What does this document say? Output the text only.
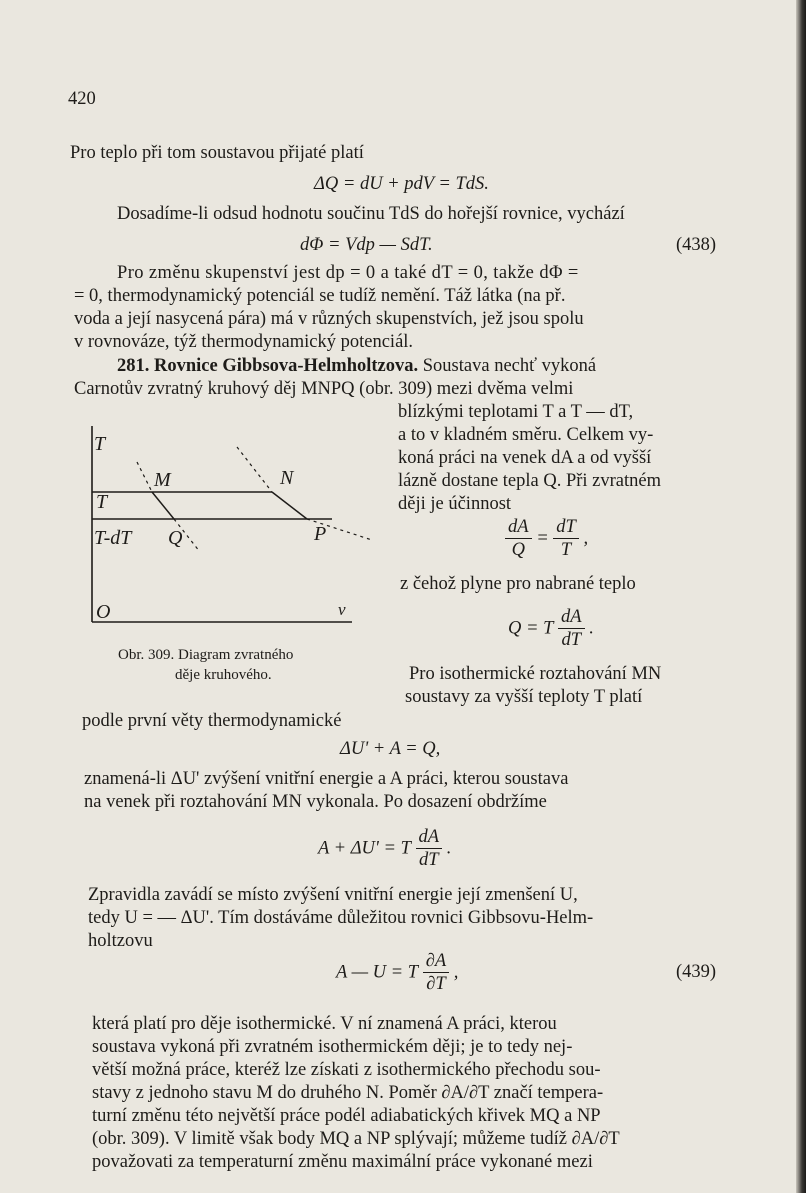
420
Pro teplo při tom soustavou přijaté platí
ΔQ = dU + pdV = TdS.
Dosadíme-li odsud hodnotu součinu TdS do hořejší rovnice, vychází
dΦ = Vdp — SdT.	(438)
Pro změnu skupenství jest dp = 0 a také dT = 0, takže dΦ =
= 0, thermodynamický potenciál se tudíž nemění. Táž látka (na př.
voda a její nasycená pára) má v různých skupenstvích, jež jsou spolu
v rovnováze, týž thermodynamický potenciál.
281. Rovnice Gibbsova-Helmholtzova. Soustava nechť vykoná
Carnotův zvratný kruhový děj MNPQ (obr. 309) mezi dvěma velmi
blízkými teplotami T a T — dT,
a to v kladném směru. Celkem vy-
koná práci na venek dA a od vyšší
lázně dostane tepla Q. Při zvratném
ději je účinnost
$\frac{dA}{Q} = \frac{dT}{T}$ ,
z čehož plyne pro nabrané teplo
Q = T $\frac{dA}{dT}$ .
T
T
T-dT
O	v
M	N
Q	P
Obr. 309. Diagram zvratného
děje kruhového.	Pro isothermické roztahování MN
soustavy za vyšší teploty T platí
podle první věty thermodynamické
ΔU' + A = Q,
znamená-li ΔU' zvýšení vnitřní energie a A práci, kterou soustava
na venek při roztahování MN vykonala. Po dosazení obdržíme
A + ΔU' = T $\frac{dA}{dT}$ .
Zpravidla zavádí se místo zvýšení vnitřní energie její zmenšení U,
tedy U = — ΔU'. Tím dostáváme důležitou rovnici Gibbsovu-Helm-
holtzovu
A — U = T $\frac{\partial A}{\partial T}$ ,	(439)
která platí pro děje isothermické. V ní znamená A práci, kterou
soustava vykoná při zvratném isothermickém ději; je to tedy nej-
větší možná práce, kteréž lze získati z isothermického přechodu sou-
stavy z jednoho stavu M do druhého N. Poměr ∂A/∂T značí tempera-
turní změnu této největší práce podél adiabatických křivek MQ a NP
(obr. 309). V limitě však body MQ a NP splývají; můžeme tudíž ∂A/∂T
považovati za temperaturní změnu maximální práce vykonané mezi
